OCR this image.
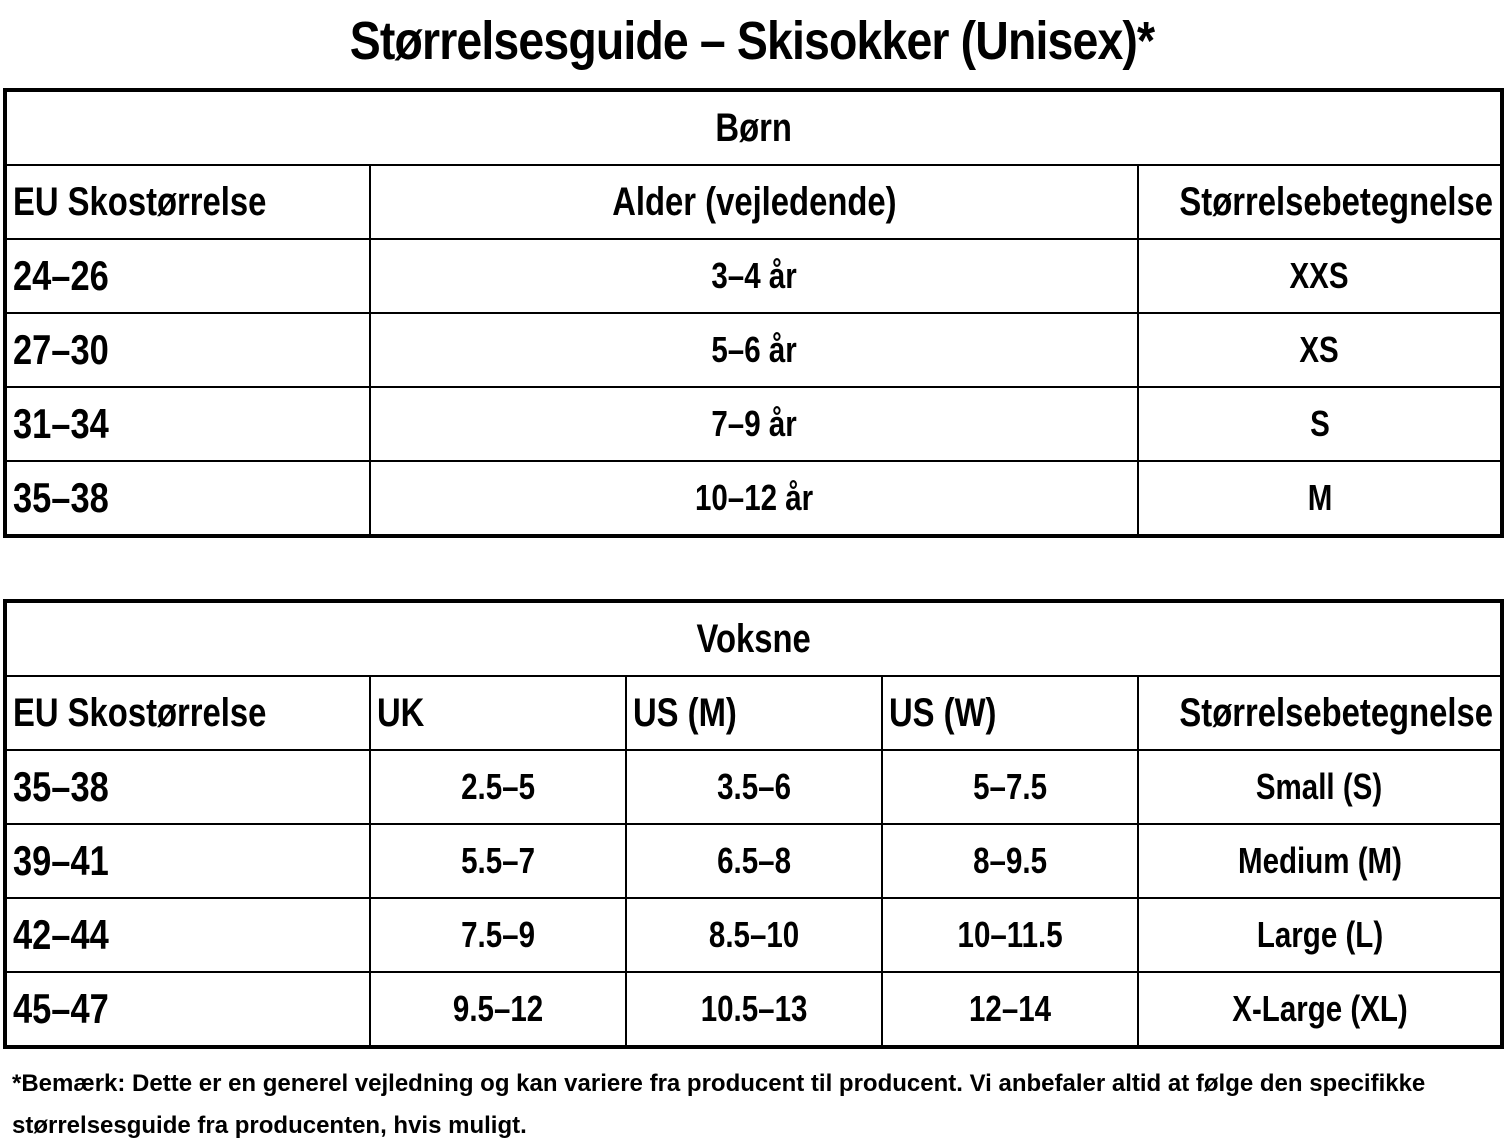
Størrelsesguide – Skisokker (Unisex)*
Børn		
EU Skostørrelse	Alder (vejledende)	Størrelsebetegnelse
24–26	3–4 år	XXS
27–30	5–6 år	XS
31–34	7–9 år	S
35–38	10–12 år	M
Voksne				
EU Skostørrelse	UK	US (M)	US (W)	Størrelsebetegnelse
35–38	2.5–5	3.5–6	5–7.5	Small (S)
39–41	5.5–7	6.5–8	8–9.5	Medium (M)
42–44	7.5–9	8.5–10	10–11.5	Large (L)
45–47	9.5–12	10.5–13	12–14	X-Large (XL)
*Bemærk: Dette er en generel vejledning og kan variere fra producent til producent. Vi anbefaler altid at følge den specifikke størrelsesguide fra producenten, hvis muligt.
